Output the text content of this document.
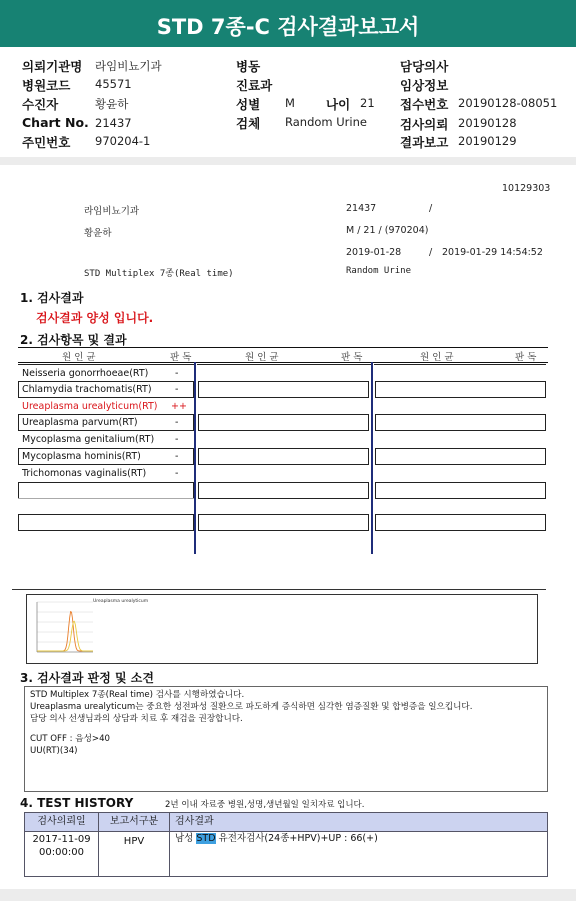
STD 7종-C 검사결과보고서
의뢰기관명 라임비뇨기과
병원코드 45571
수진자	황윤하
Chart No. 21437
주민번호 970204-1
병동
진료과
성별 M 나이 21
검체 Random Urine
담당의사
임상정보
접수번호 20190128-08051
검사의뢰 20190128
결과보고 20190129
10129303
라임비뇨기과	21437	/
황윤하	M / 21 / (970204)
2019-01-28	/ 2019-01-29 14:54:52
STD Multiplex 7종(Real time)	Random Urine
1. 검사결과
검사결과 양성 입니다.
2. 검사항목 및 결과
원 인 균	판 독	원 인 균	판 독	원 인 균	판 독
Neisseria gonorrhoeae(RT)	-
Chlamydia trachomatis(RT) -
Ureaplasma urealyticum(RT) ++
Ureaplasma parvum(RT)	-
Mycoplasma genitalium(RT) -
Mycoplasma hominis(RT)	-
Trichomonas vaginalis(RT)	-
Ureaplasma urealyticum
3. 검사결과 판정 및 소견
STD Multiplex 7종(Real time) 검사를 시행하였습니다.
Ureaplasma urealyticum는 중요한 성전파성 질환으로 파도하게 증식하면 심각한 염증질환 및 합병증을 일으킵니다.
담당 의사 선생님과의 상담과 치료 후 재검을 권장합니다.
CUT OFF : 음성>40
UU(RT)(34)
4. TEST HISTORY	2년 이내 자료중 병원,성명,생년월일 일치자료 입니다.
검사의뢰일	보고서구분	검사결과
2017-11-09
00:00:00
HPV	남성 STD 유전자검사(24종+HPV)+UP : 66(+)
